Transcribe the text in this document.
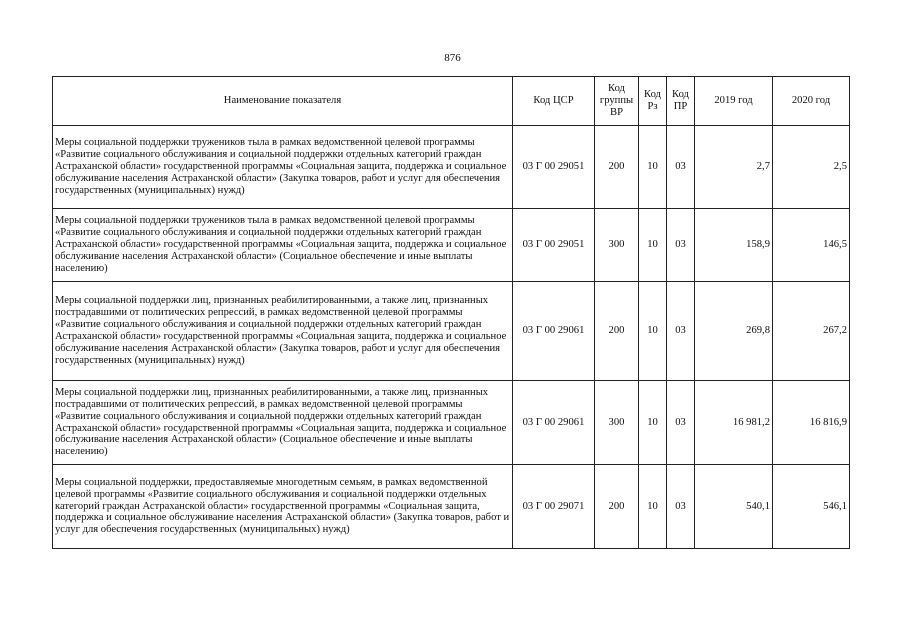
876
Наименование показателя	Код ЦСР	Код группы ВР	Код Рз	Код ПР	2019 год	2020 год
Меры социальной поддержки тружеников тыла в рамках ведомственной целевой программы «Развитие социального обслуживания и социальной поддержки отдельных категорий граждан Астраханской области» государственной программы «Социальная защита, поддержка и социальное обслуживание населения Астраханской области» (Закупка товаров, работ и услуг для обеспечения государственных (муниципальных) нужд)	03 Г 00 29051	200	10	03	2,7	2,5
Меры социальной поддержки тружеников тыла в рамках ведомственной целевой программы «Развитие социального обслуживания и социальной поддержки отдельных категорий граждан Астраханской области» государственной программы «Социальная защита, поддержка и социальное обслуживание населения Астраханской области» (Социальное обеспечение и иные выплаты населению)	03 Г 00 29051	300	10	03	158,9	146,5
Меры социальной поддержки лиц, признанных реабилитированными, а также лиц, признанных пострадавшими от политических репрессий, в рамках ведомственной целевой программы «Развитие социального обслуживания и социальной поддержки отдельных категорий граждан Астраханской области» государственной программы «Социальная защита, поддержка и социальное обслуживание населения Астраханской области» (Закупка товаров, работ и услуг для обеспечения государственных (муниципальных) нужд)	03 Г 00 29061	200	10	03	269,8	267,2
Меры социальной поддержки лиц, признанных реабилитированными, а также лиц, признанных пострадавшими от политических репрессий, в рамках ведомственной целевой программы «Развитие социального обслуживания и социальной поддержки отдельных категорий граждан Астраханской области» государственной программы «Социальная защита, поддержка и социальное обслуживание населения Астраханской области» (Социальное обеспечение и иные выплаты населению)	03 Г 00 29061	300	10	03	16 981,2	16 816,9
Меры социальной поддержки, предоставляемые многодетным семьям, в рамках ведомственной целевой программы «Развитие социального обслуживания и социальной поддержки отдельных категорий граждан Астраханской области» государственной программы «Социальная защита, поддержка и социальное обслуживание населения Астраханской области» (Закупка товаров, работ и услуг для обеспечения государственных (муниципальных) нужд)	03 Г 00 29071	200	10	03	540,1	546,1
